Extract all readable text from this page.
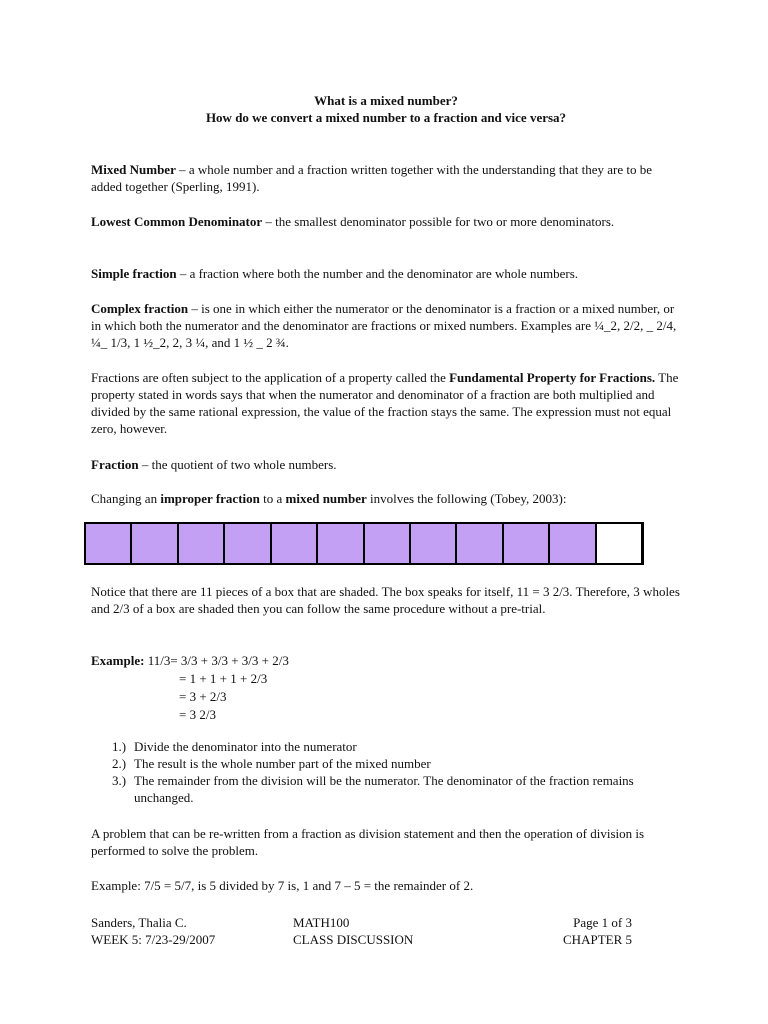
What is a mixed number?
How do we convert a mixed number to a fraction and vice versa?
Mixed Number – a whole number and a fraction written together with the understanding that they are to be added together (Sperling, 1991).
Lowest Common Denominator – the smallest denominator possible for two or more denominators.
Simple fraction – a fraction where both the number and the denominator are whole numbers.
Complex fraction – is one in which either the numerator or the denominator is a fraction or a mixed number, or in which both the numerator and the denominator are fractions or mixed numbers. Examples are ¼_2, 2/2, _ 2/4, ¼_ 1/3, 1 ½_2, 2, 3 ¼, and 1 ½ _ 2 ¾.
Fractions are often subject to the application of a property called the Fundamental Property for Fractions. The property stated in words says that when the numerator and denominator of a fraction are both multiplied and divided by the same rational expression, the value of the fraction stays the same. The expression must not equal zero, however.
Fraction – the quotient of two whole numbers.
Changing an improper fraction to a mixed number involves the following (Tobey, 2003):
Notice that there are 11 pieces of a box that are shaded. The box speaks for itself, 11 = 3 2/3. Therefore, 3 wholes and 2/3 of a box are shaded then you can follow the same procedure without a pre-trial.
Example: 11/3= 3/3 + 3/3 + 3/3 + 2/3
= 1 + 1 + 1 + 2/3
= 3 + 2/3
= 3 2/3
1.) Divide the denominator into the numerator
2.) The result is the whole number part of the mixed number
3.) The remainder from the division will be the numerator. The denominator of the fraction remains unchanged.
A problem that can be re-written from a fraction as division statement and then the operation of division is performed to solve the problem.
Example: 7/5 = 5/7, is 5 divided by 7 is, 1 and 7 – 5 = the remainder of 2.
Sanders, Thalia C.	MATH100	Page 1 of 3
WEEK 5: 7/23-29/2007	CLASS DISCUSSION	CHAPTER 5
